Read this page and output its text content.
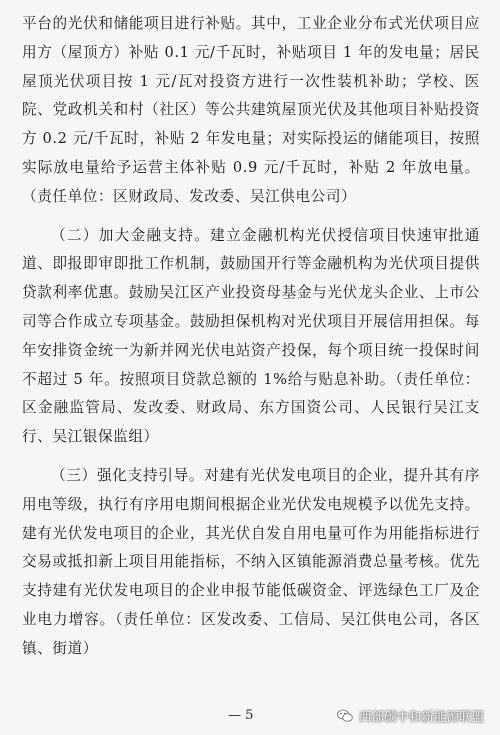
平台的光伏和储能项目进行补贴。其中，工业企业分布式光伏项目应用方（屋顶方）补贴 0.1 元/千瓦时，补贴项目 1 年的发电量；居民屋顶光伏项目按 1 元/瓦对投资方进行一次性装机补助；学校、医院、党政机关和村（社区）等公共建筑屋顶光伏及其他项目补贴投资方 0.2 元/千瓦时，补贴 2 年发电量；对实际投运的储能项目，按照实际放电量给予运营主体补贴 0.9 元/千瓦时，补贴 2 年放电量。（责任单位：区财政局、发改委、吴江供电公司）

（二）加大金融支持。建立金融机构光伏授信项目快速审批通道、即报即审即批工作机制，鼓励国开行等金融机构为光伏项目提供贷款利率优惠。鼓励吴江区产业投资母基金与光伏龙头企业、上市公司等合作成立专项基金。鼓励担保机构对光伏项目开展信用担保。每年安排资金统一为新并网光伏电站资产投保，每个项目统一投保时间不超过 5 年。按照项目贷款总额的 1%给与贴息补助。（责任单位：区金融监管局、发改委、财政局、东方国资公司、人民银行吴江支行、吴江银保监组）

（三）强化支持引导。对建有光伏发电项目的企业，提升其有序用电等级，执行有序用电期间根据企业光伏发电规模予以优先支持。建有光伏发电项目的企业，其光伏自发自用电量可作为用能指标进行交易或抵扣新上项目用能指标，不纳入区镇能源消费总量考核。优先支持建有光伏发电项目的企业申报节能低碳资金、评选绿色工厂及企业电力增容。（责任单位：区发改委、工信局、吴江供电公司，各区镇、街道）

— 5	西部碳中和新能源联盟
